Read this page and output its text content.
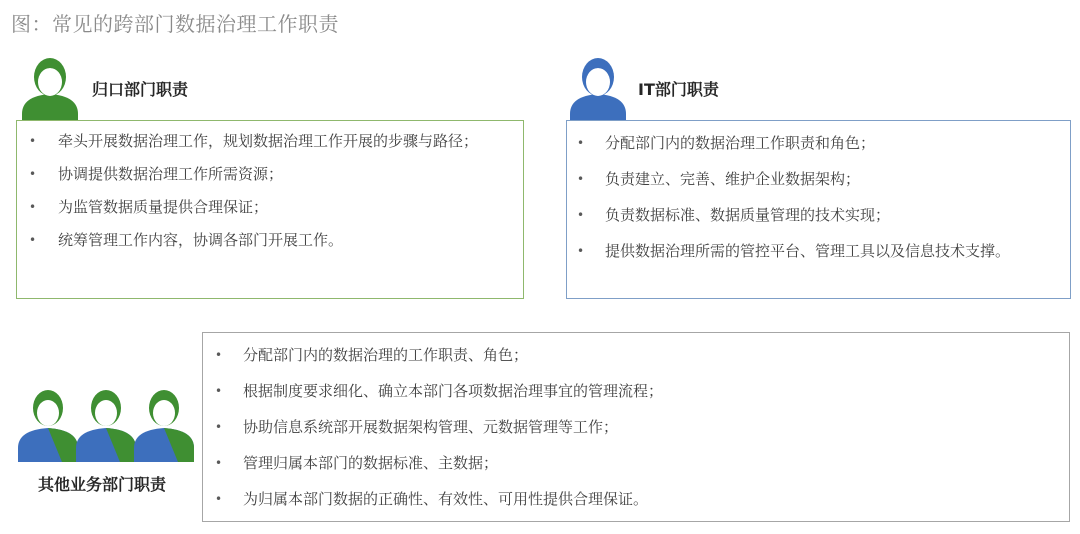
图：常见的跨部门数据治理工作职责
归口部门职责
• 牵头开展数据治理工作，规划数据治理工作开展的步骤与路径；
• 协调提供数据治理工作所需资源；
• 为监管数据质量提供合理保证；
• 统筹管理工作内容，协调各部门开展工作。
IT部门职责
• 分配部门内的数据治理工作职责和角色；
• 负责建立、完善、维护企业数据架构；
• 负责数据标准、数据质量管理的技术实现；
• 提供数据治理所需的管控平台、管理工具以及信息技术支撑。
其他业务部门职责
• 分配部门内的数据治理的工作职责、角色；
• 根据制度要求细化、确立本部门各项数据治理事宜的管理流程；
• 协助信息系统部开展数据架构管理、元数据管理等工作；
• 管理归属本部门的数据标准、主数据；
• 为归属本部门数据的正确性、有效性、可用性提供合理保证。
